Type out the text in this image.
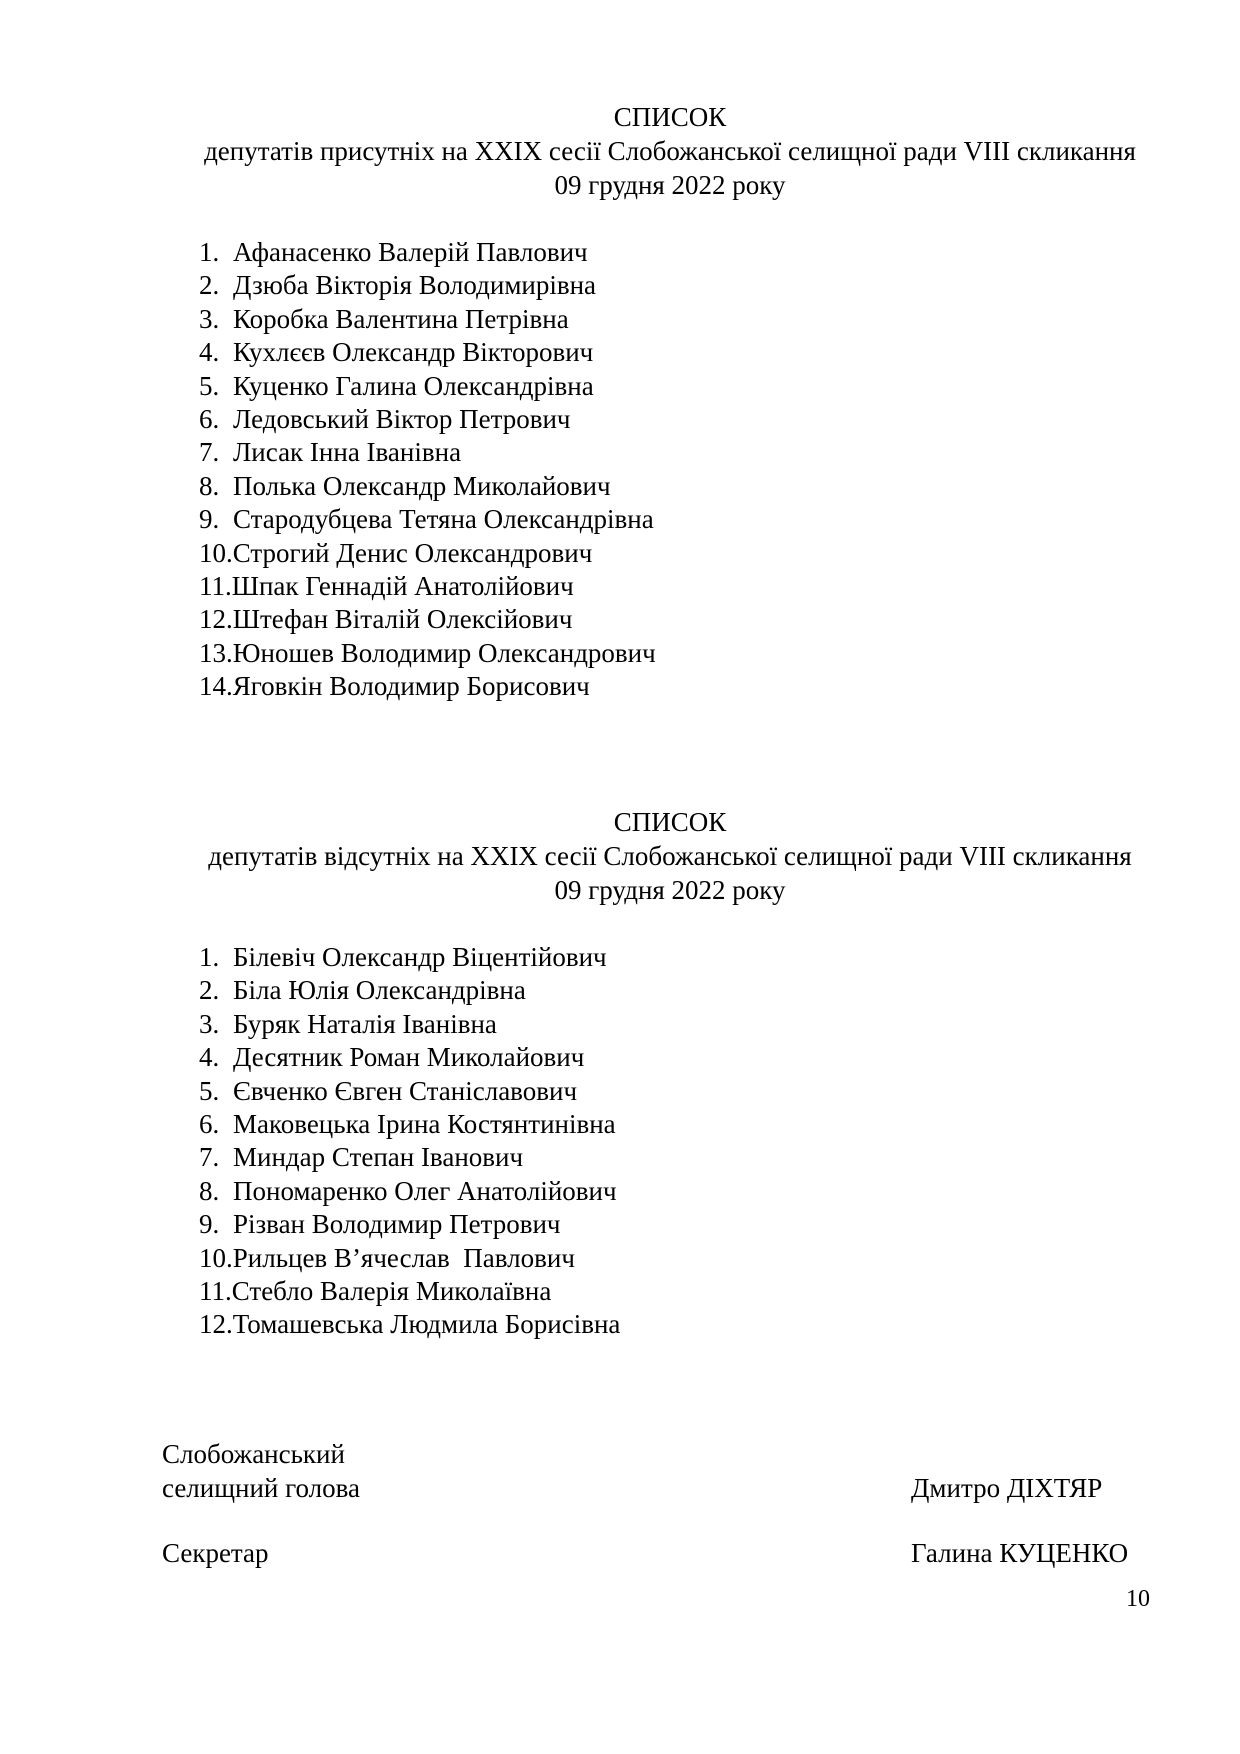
СПИСОК
депутатів присутніх на XXIX сесії Слобожанської селищної ради VIII скликання
09 грудня 2022 року
1. Афанасенко Валерій Павлович
2. Дзюба Вікторія Володимирівна
3. Коробка Валентина Петрівна
4. Кухлєєв Олександр Вікторович
5. Куценко Галина Олександрівна
6. Ледовський Віктор Петрович
7. Лисак Інна Іванівна
8. Полька Олександр Миколайович
9. Стародубцева Тетяна Олександрівна
10. Строгий Денис Олександрович
11. Шпак Геннадій Анатолійович
12. Штефан Віталій Олексійович
13. Юношев Володимир Олександрович
14. Яговкін Володимир Борисович
СПИСОК
депутатів відсутніх на XXIX сесії Слобожанської селищної ради VIII скликання
09 грудня 2022 року
1. Білевіч Олександр Віцентійович
2. Біла Юлія Олександрівна
3. Буряк Наталія Іванівна
4. Десятник Роман Миколайович
5. Євченко Євген Станіславович
6. Маковецька Ірина Костянтинівна
7. Миндар Степан Іванович
8. Пономаренко Олег Анатолійович
9. Різван Володимир Петрович
10. Рильцев В’ячеслав  Павлович
11. Стебло Валерія Миколаївна
12. Томашевська Людмила Борисівна
Слобожанський
селищний голова	Дмитро ДІХТЯР
Секретар	Галина КУЦЕНКО
10
